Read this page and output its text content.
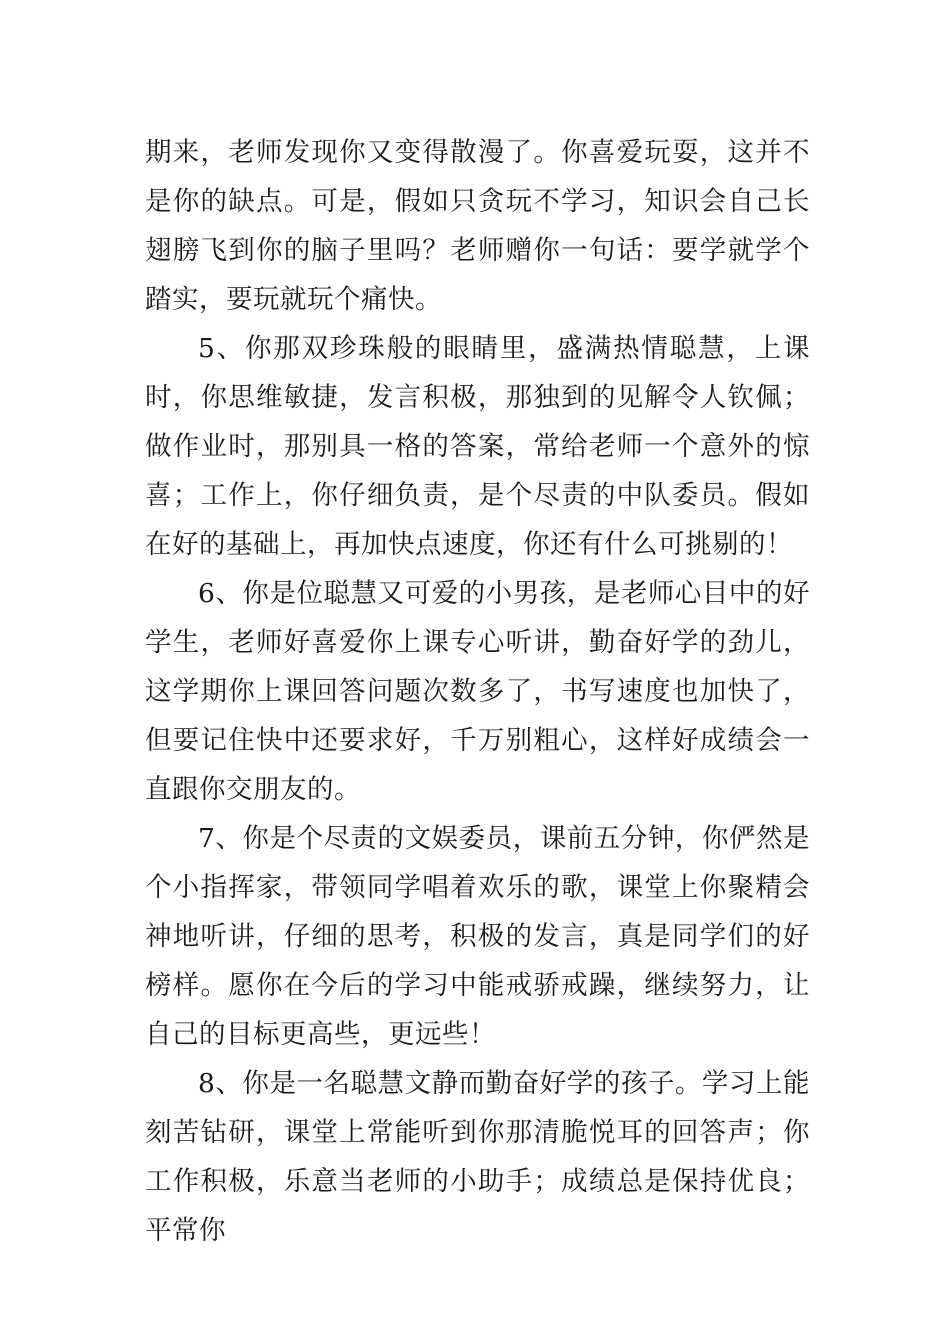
期来，老师发现你又变得散漫了。你喜爱玩耍，这并不是你的缺点。可是，假如只贪玩不学习，知识会自己长翅膀飞到你的脑子里吗？老师赠你一句话：要学就学个踏实，要玩就玩个痛快。

5、你那双珍珠般的眼睛里，盛满热情聪慧，上课时，你思维敏捷，发言积极，那独到的见解令人钦佩；做作业时，那别具一格的答案，常给老师一个意外的惊喜；工作上，你仔细负责，是个尽责的中队委员。假如在好的基础上，再加快点速度，你还有什么可挑剔的！

6、你是位聪慧又可爱的小男孩，是老师心目中的好学生，老师好喜爱你上课专心听讲，勤奋好学的劲儿，这学期你上课回答问题次数多了，书写速度也加快了，但要记住快中还要求好，千万别粗心，这样好成绩会一直跟你交朋友的。

7、你是个尽责的文娱委员，课前五分钟，你俨然是个小指挥家，带领同学唱着欢乐的歌，课堂上你聚精会神地听讲，仔细的思考，积极的发言，真是同学们的好榜样。愿你在今后的学习中能戒骄戒躁，继续努力，让自己的目标更高些，更远些！

8、你是一名聪慧文静而勤奋好学的孩子。学习上能刻苦钻研，课堂上常能听到你那清脆悦耳的回答声；你工作积极，乐意当老师的小助手；成绩总是保持优良；平常你
